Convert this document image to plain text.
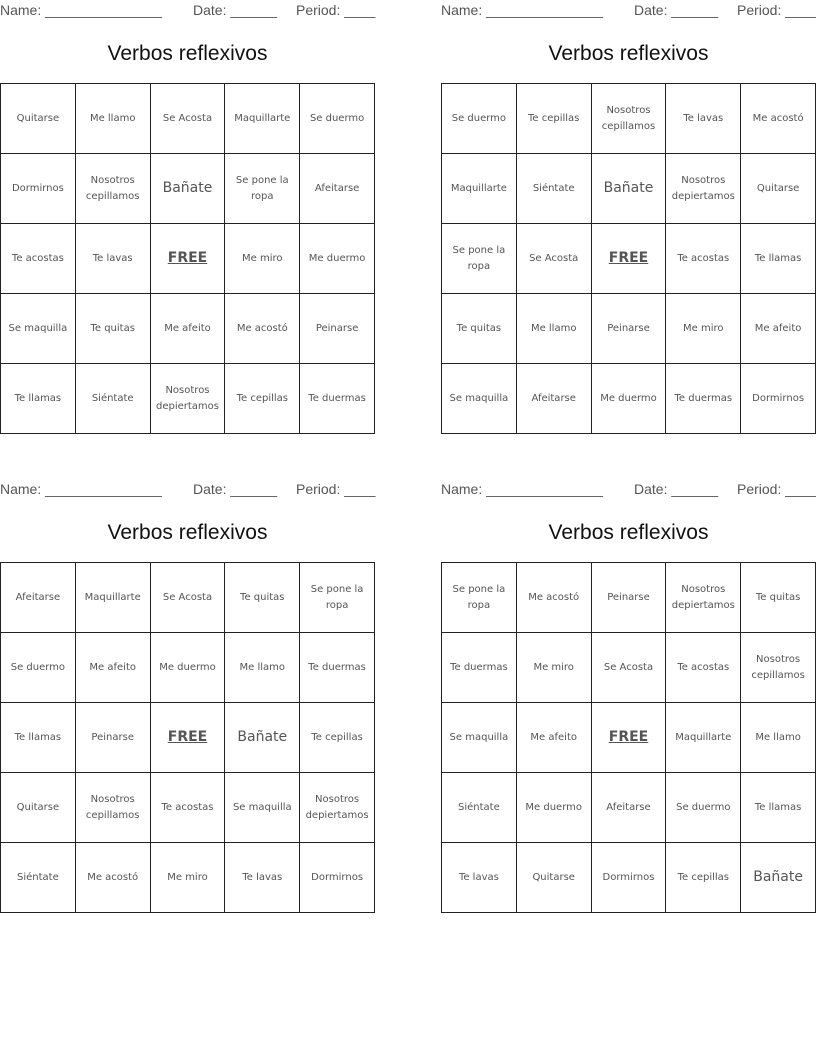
Name: _______________ Date: ______ Period: ____
Verbos reflexivos
Quitarse	Me llamo	Se Acosta	Maquillarte	Se duermo
Dormirnos	Nosotros cepillamos	Bañate	Se pone la ropa	Afeitarse
Te acostas	Te lavas	FREE	Me miro	Me duermo
Se maquilla	Te quitas	Me afeito	Me acostó	Peinarse
Te llamas	Siéntate	Nosotros depiertamos	Te cepillas	Te duermas
Name: _______________ Date: ______ Period: ____
Verbos reflexivos
Se duermo	Te cepillas	Nosotros cepillamos	Te lavas	Me acostó
Maquillarte	Siéntate	Bañate	Nosotros depiertamos	Quitarse
Se pone la ropa	Se Acosta	FREE	Te acostas	Te llamas
Te quitas	Me llamo	Peinarse	Me miro	Me afeito
Se maquilla	Afeitarse	Me duermo	Te duermas	Dormirnos
Name: _______________ Date: ______ Period: ____
Verbos reflexivos
Afeitarse	Maquillarte	Se Acosta	Te quitas	Se pone la ropa
Se duermo	Me afeito	Me duermo	Me llamo	Te duermas
Te llamas	Peinarse	FREE	Bañate	Te cepillas
Quitarse	Nosotros cepillamos	Te acostas	Se maquilla	Nosotros depiertamos
Siéntate	Me acostó	Me miro	Te lavas	Dormirnos
Name: _______________ Date: ______ Period: ____
Verbos reflexivos
Se pone la ropa	Me acostó	Peinarse	Nosotros depiertamos	Te quitas
Te duermas	Me miro	Se Acosta	Te acostas	Nosotros cepillamos
Se maquilla	Me afeito	FREE	Maquillarte	Me llamo
Siéntate	Me duermo	Afeitarse	Se duermo	Te llamas
Te lavas	Quitarse	Dormirnos	Te cepillas	Bañate
